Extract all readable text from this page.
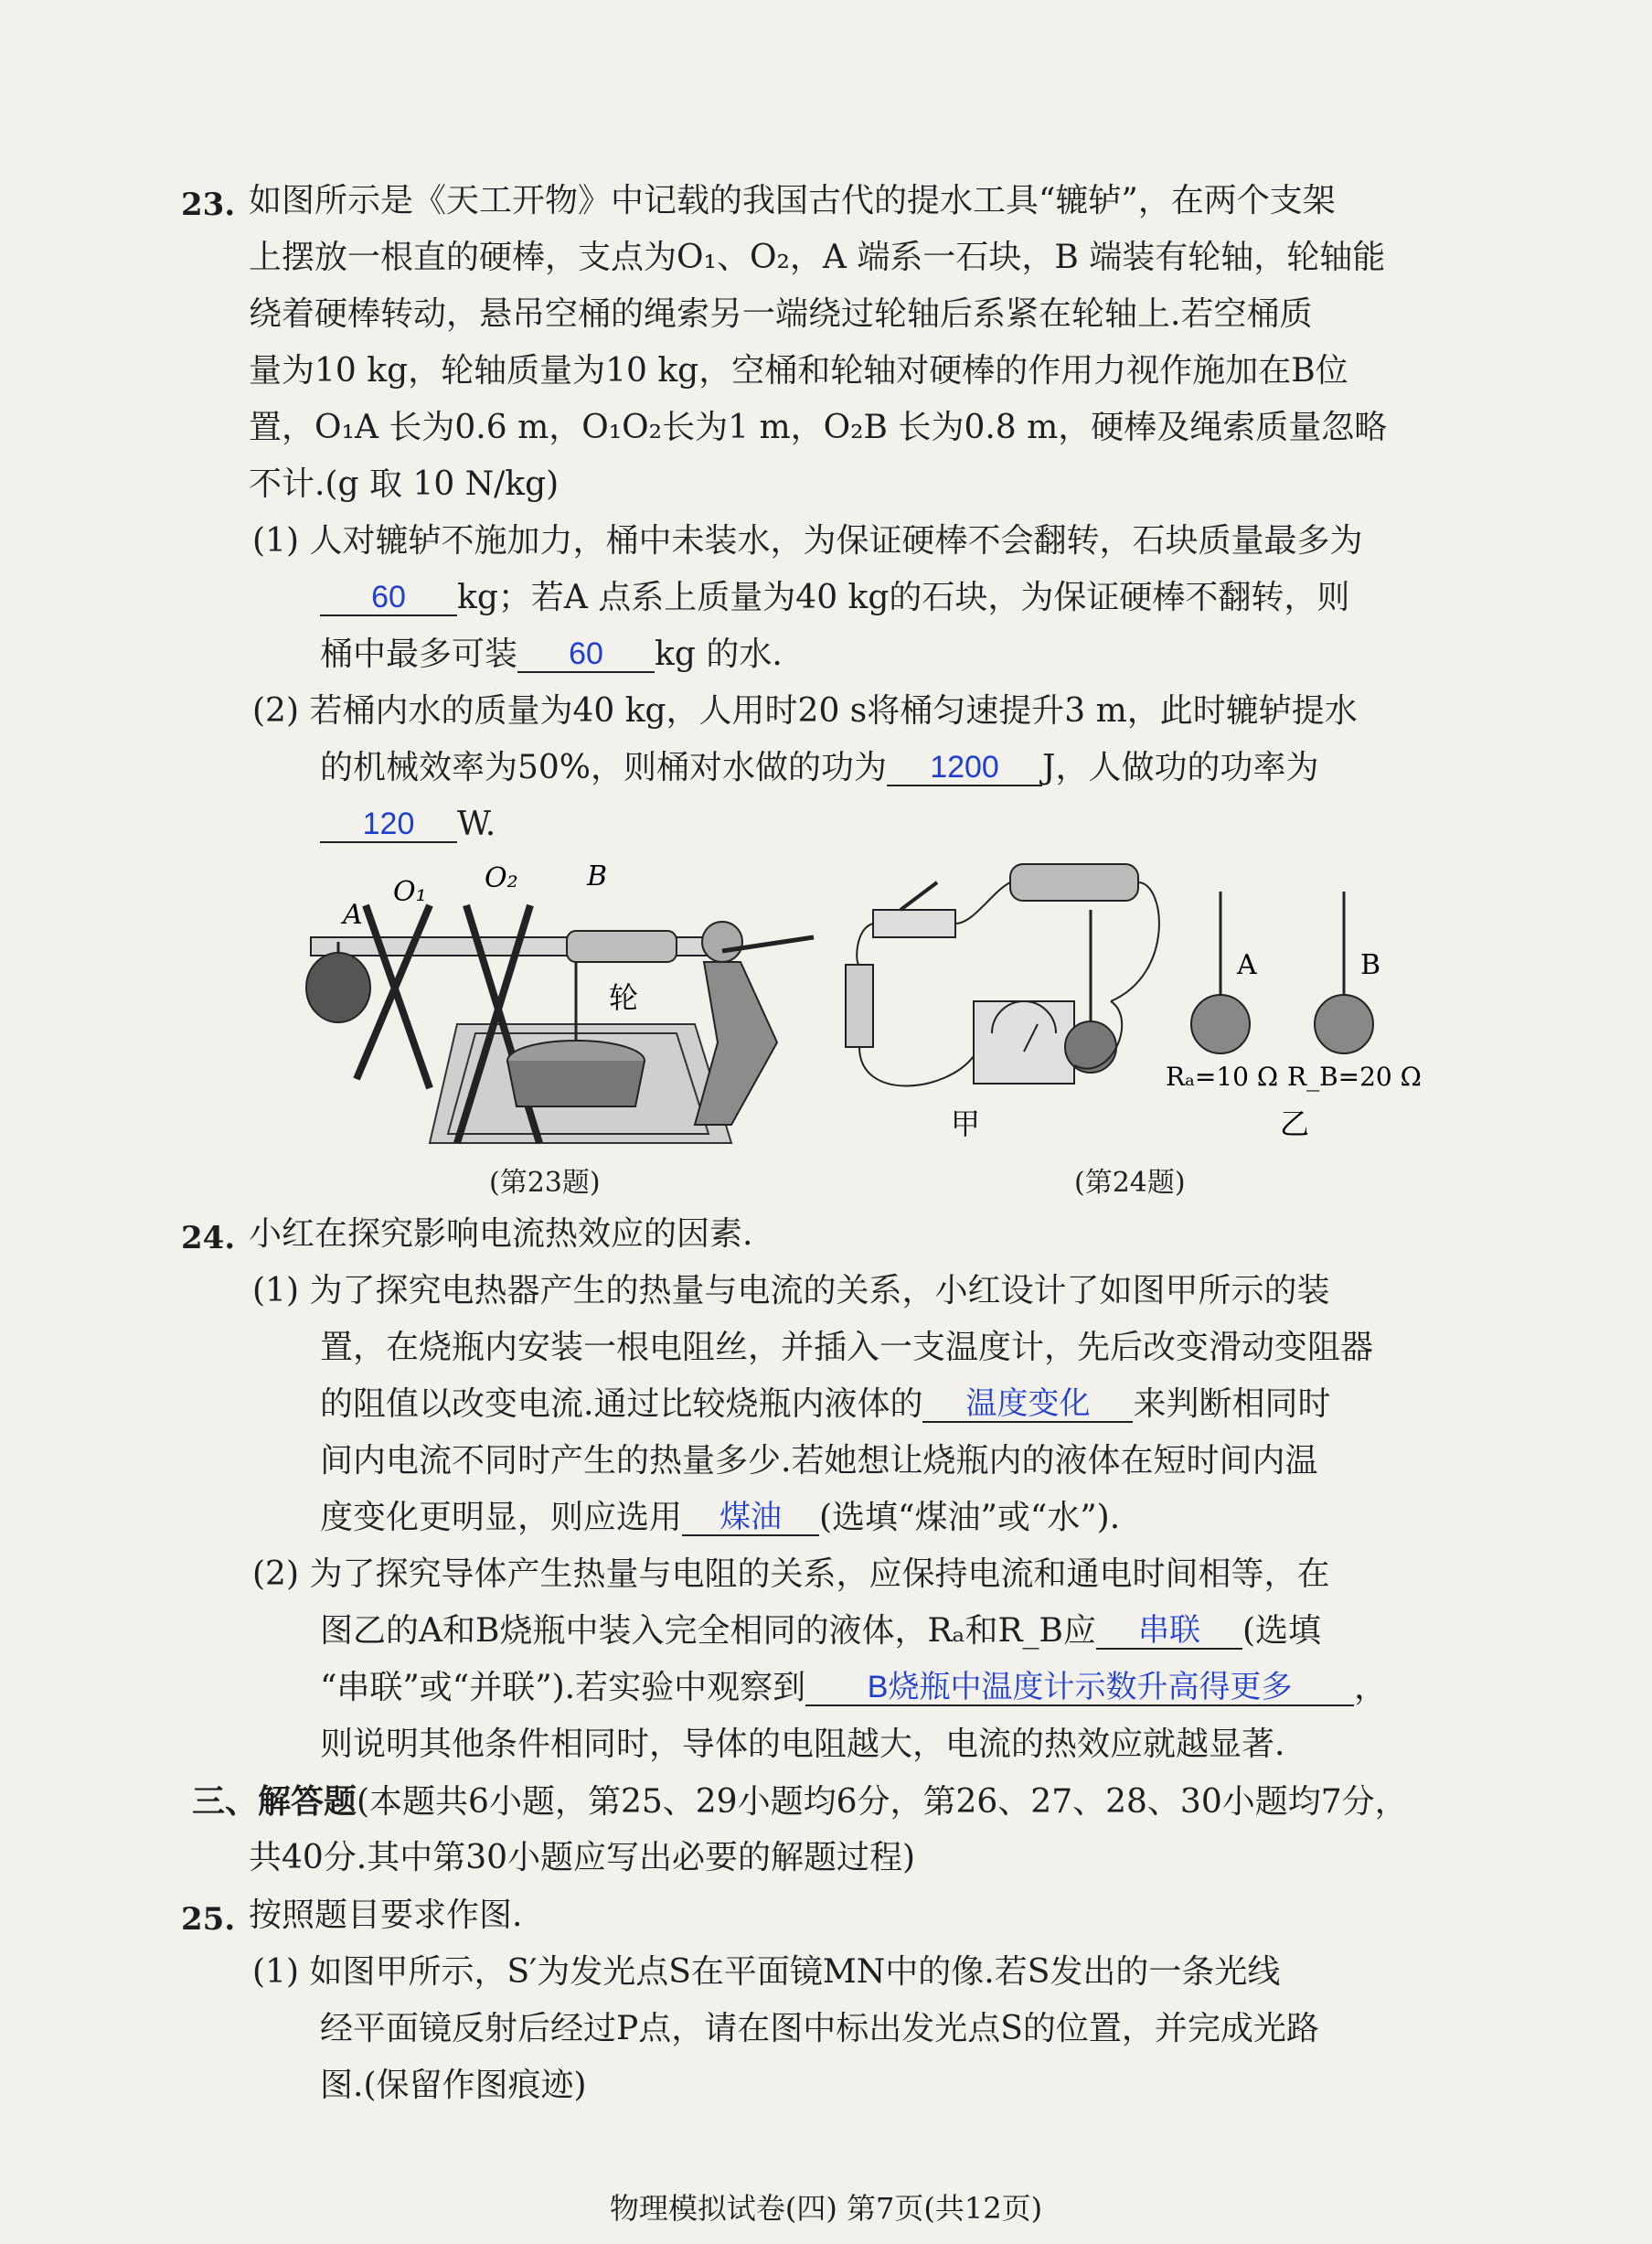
23. 如图所示是《天工开物》中记载的我国古代的提水工具“辘轳”，在两个支架
上摆放一根直的硬棒，支点为O₁、O₂，A 端系一石块，B 端装有轮轴，轮轴能
绕着硬棒转动，悬吊空桶的绳索另一端绕过轮轴后系紧在轮轴上.若空桶质
量为10 kg，轮轴质量为10 kg，空桶和轮轴对硬棒的作用力视作施加在B位
置，O₁A 长为0.6 m，O₁O₂长为1 m，O₂B 长为0.8 m，硬棒及绳索质量忽略
不计.(g 取 10 N/kg)
(1) 人对辘轳不施加力，桶中未装水，为保证硬棒不会翻转，石块质量最多为
60 kg；若A 点系上质量为40 kg的石块，为保证硬棒不翻转，则
桶中最多可装 60 kg 的水.
(2) 若桶内水的质量为40 kg，人用时20 s将桶匀速提升3 m，此时辘轳提水
的机械效率为50%，则桶对水做的功为 1200 J，人做功的功率为
120 W.
A
O₁ O₂	B
轮
(第23题)
A	B
Rₐ=10 Ω R_B=20 Ω
甲	乙
(第24题)
24. 小红在探究影响电流热效应的因素.
(1) 为了探究电热器产生的热量与电流的关系，小红设计了如图甲所示的装
置，在烧瓶内安装一根电阻丝，并插入一支温度计，先后改变滑动变阻器
的阻值以改变电流.通过比较烧瓶内液体的 温度变化 来判断相同时
间内电流不同时产生的热量多少.若她想让烧瓶内的液体在短时间内温
度变化更明显，则应选用 煤油 (选填“煤油”或“水”).
(2) 为了探究导体产生热量与电阻的关系，应保持电流和通电时间相等，在
图乙的A和B烧瓶中装入完全相同的液体，Rₐ和R_B应 串联 (选填
“串联”或“并联”).若实验中观察到 B烧瓶中温度计示数升高得更多 ，
则说明其他条件相同时，导体的电阻越大，电流的热效应就越显著.
三、解答题(本题共6小题，第25、29小题均6分，第26、27、28、30小题均7分，
共40分.其中第30小题应写出必要的解题过程)
25. 按照题目要求作图.
(1) 如图甲所示，S′为发光点S在平面镜MN中的像.若S发出的一条光线
经平面镜反射后经过P点，请在图中标出发光点S的位置，并完成光路
图.(保留作图痕迹)
物理模拟试卷(四) 第7页(共12页)
